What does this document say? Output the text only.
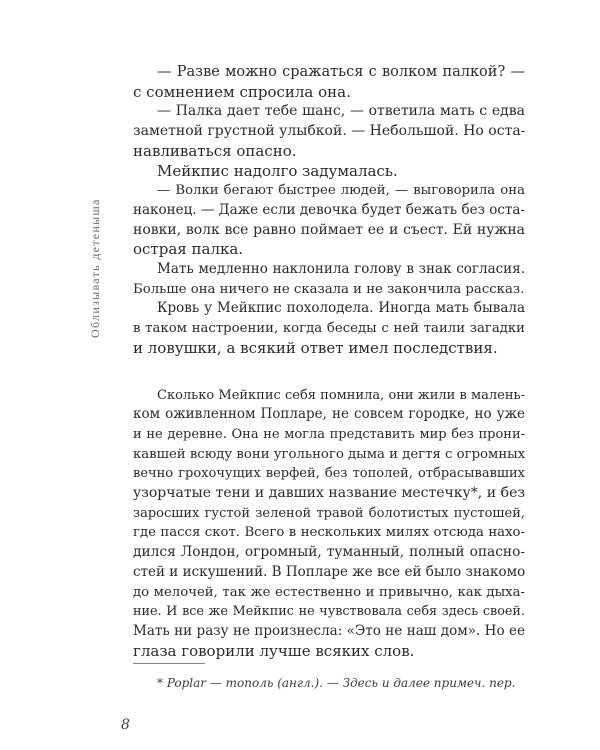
Облизывать детеныша

— Разве можно сражаться с волком палкой? —
с сомнением спросила она.

— Палка дает тебе шанс, — ответила мать с едва
заметной грустной улыбкой. — Небольшой. Но оста-
навливаться опасно.

Мейкпис надолго задумалась.

— Волки бегают быстрее людей, — выговорила она
наконец. — Даже если девочка будет бежать без оста-
новки, волк все равно поймает ее и съест. Ей нужна
острая палка.

Мать медленно наклонила голову в знак согласия.
Больше она ничего не сказала и не закончила рассказ.

Кровь у Мейкпис похолодела. Иногда мать бывала
в таком настроении, когда беседы с ней таили загадки
и ловушки, а всякий ответ имел последствия.

Сколько Мейкпис себя помнила, они жили в малень-
ком оживленном Попларе, не совсем городке, но уже
и не деревне. Она не могла представить мир без прони-
кавшей всюду вони угольного дыма и дегтя с огромных
вечно грохочущих верфей, без тополей, отбрасывавших
узорчатые тени и давших название местечку*, и без
заросших густой зеленой травой болотистых пустошей,
где пасся скот. Всего в нескольких милях отсюда нахо-
дился Лондон, огромный, туманный, полный опасно-
стей и искушений. В Попларе же все ей было знакомо
до мелочей, так же естественно и привычно, как дыха-
ние. И все же Мейкпис не чувствовала себя здесь своей.
Мать ни разу не произнесла: «Это не наш дом». Но ее
глаза говорили лучше всяких слов.

* Poplar — тополь (англ.). — Здесь и далее примеч. пер.
8
